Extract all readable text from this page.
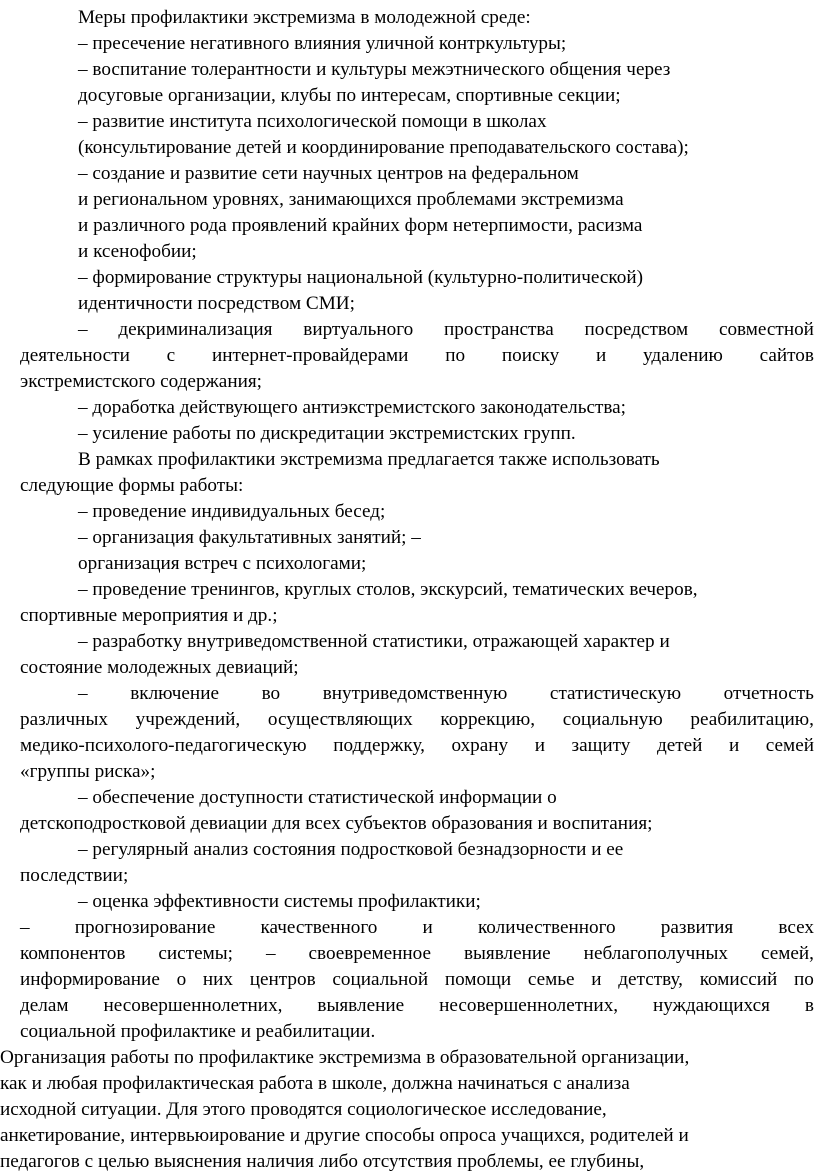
Меры профилактики экстремизма в молодежной среде:
– пресечение негативного влияния уличной контркультуры;
– воспитание толерантности и культуры межэтнического общения через
досуговые организации, клубы по интересам, спортивные секции;
– развитие института психологической помощи в школах
(консультирование детей и координирование преподавательского состава);
– создание и развитие сети научных центров на федеральном
и региональном уровнях, занимающихся проблемами экстремизма
и различного рода проявлений крайних форм нетерпимости, расизма
и ксенофобии;
– формирование структуры национальной (культурно-политической)
идентичности посредством СМИ;
– декриминализация виртуального пространства посредством совместной
деятельности с интернет-провайдерами по поиску и удалению сайтов
экстремистского содержания;
– доработка действующего антиэкстремистского законодательства;
– усиление работы по дискредитации экстремистских групп.
В рамках профилактики экстремизма предлагается также использовать
следующие формы работы:
– проведение индивидуальных бесед;
– организация факультативных занятий; –
организация встреч с психологами;
– проведение тренингов, круглых столов, экскурсий, тематических вечеров,
спортивные мероприятия и др.;
– разработку внутриведомственной статистики, отражающей характер и
состояние молодежных девиаций;
– включение во внутриведомственную статистическую отчетность
различных учреждений, осуществляющих коррекцию, социальную реабилитацию,
медико-психолого-педагогическую поддержку, охрану и защиту детей и семей
«группы риска»;
– обеспечение доступности статистической информации о
детскоподростковой девиации для всех субъектов образования и воспитания;
– регулярный анализ состояния подростковой безнадзорности и ее
последствии;
– оценка эффективности системы профилактики;
– прогнозирование качественного и количественного развития всех
компонентов системы; – своевременное выявление неблагополучных семей,
информирование о них центров социальной помощи семье и детству, комиссий по
делам несовершеннолетних, выявление несовершеннолетних, нуждающихся в
социальной профилактике и реабилитации.
Организация работы по профилактике экстремизма в образовательной организации,
как и любая профилактическая работа в школе, должна начинаться с анализа
исходной ситуации. Для этого проводятся социологическое исследование,
анкетирование, интервьюирование и другие способы опроса учащихся, родителей и
педагогов с целью выяснения наличия либо отсутствия проблемы, ее глубины,
